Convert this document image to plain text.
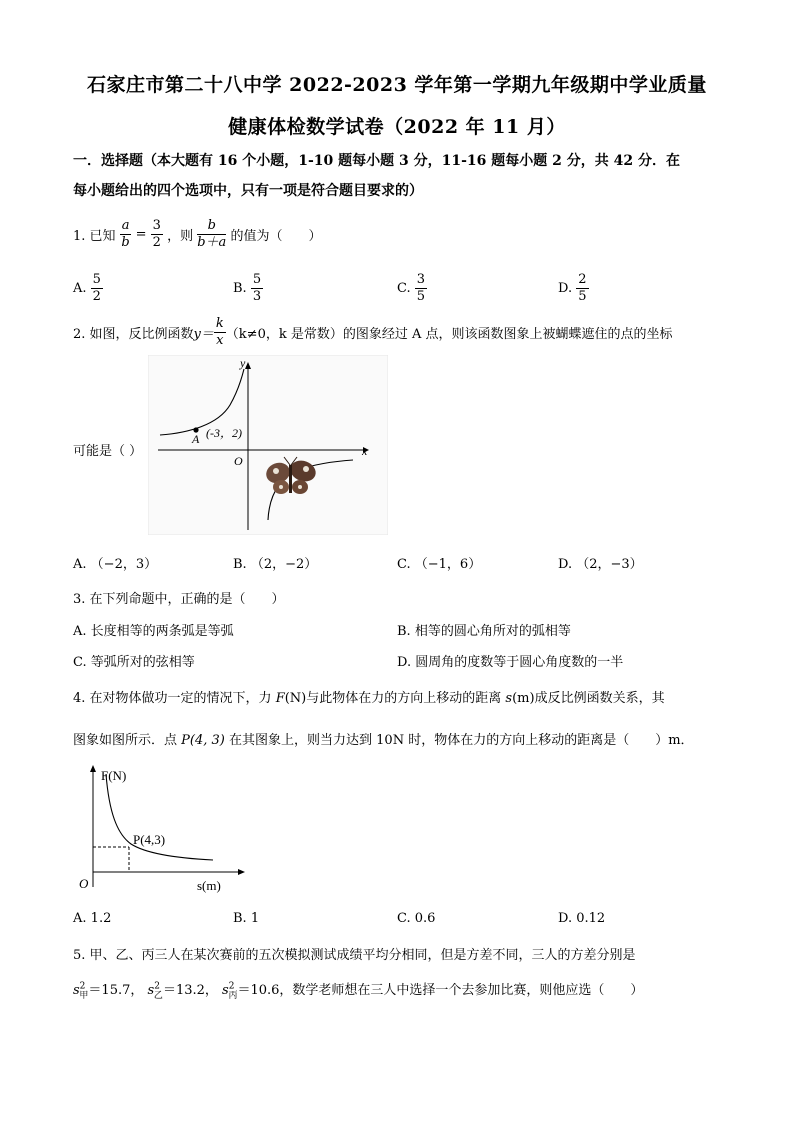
石家庄市第二十八中学 2022-2023 学年第一学期九年级期中学业质量
健康体检数学试卷（2022 年 11 月）
一．选择题（本大题有 16 个小题，1-10 题每小题 3 分，11-16 题每小题 2 分，共 42 分．在
每小题给出的四个选项中，只有一项是符合题目要求的）
1. 已知 $\frac{a}{b} = \frac{3}{2}$ ，则 $\frac{b}{b+a}$ 的值为（　　）
A. $\frac{5}{2}$	B. $\frac{5}{3}$	C. $\frac{3}{5}$	D. $\frac{2}{5}$
2. 如图，反比例函数$y= \frac{k}{x} (k\ne 0$，k 是常数）的图象经过 A 点，则该函数图象上被蝴蝶遮住的点的坐标
可能是（ ）
y
x
O
A (-3，2)
A. （−2，3）	B. （2，−2）	C. （−1，6）	D. （2，−3）
3. 在下列命题中，正确的是（　　）
A. 长度相等的两条弧是等弧	B. 相等的圆心角所对的弧相等
C. 等弧所对的弦相等	D. 圆周角的度数等于圆心角度数的一半
4. 在对物体做功一定的情况下，力 F(N)与此物体在力的方向上移动的距离 s(m)成反比例函数关系，其
图象如图所示．点 P(4, 3) 在其图象上，则当力达到 10N 时，物体在力的方向上移动的距离是（　　）m．
F(N)
s(m)
O
P(4,3)
A. 1.2	B. 1	C. 0.6	D. 0.12
5. 甲、乙、丙三人在某次赛前的五次模拟测试成绩平均分相同，但是方差不同，三人的方差分别是
$s^2_甲=15.7$， $s^2_乙=13.2$， $s^2_丙=10.6$，数学老师想在三人中选择一个去参加比赛，则他应选（　　）
